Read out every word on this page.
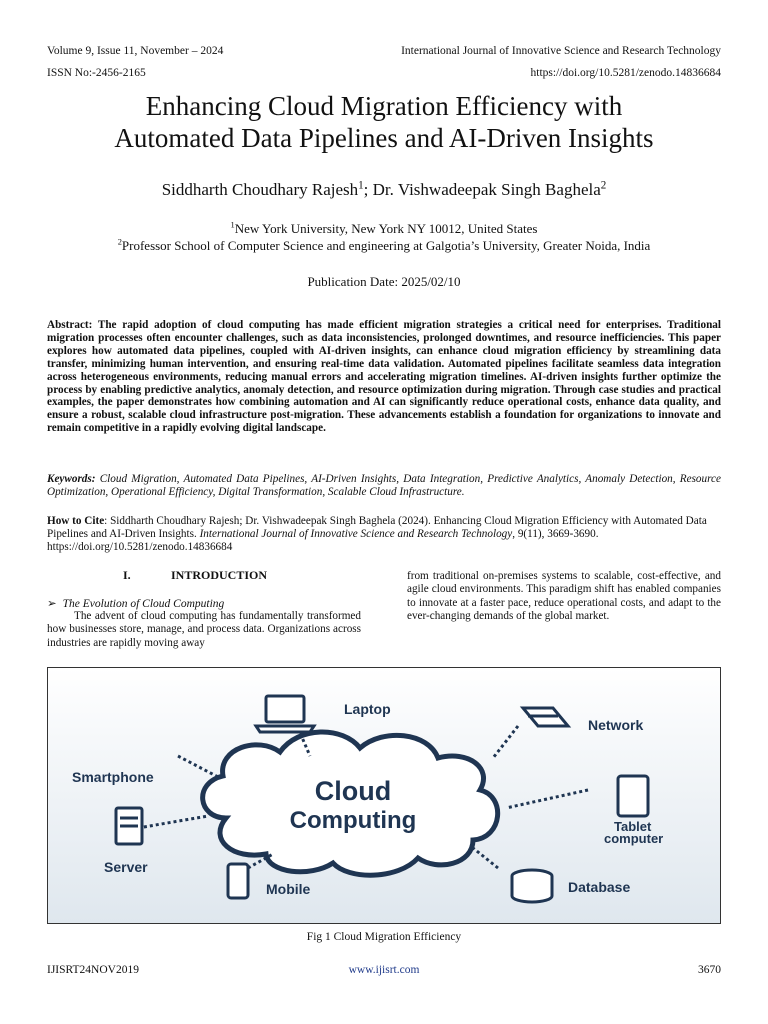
Volume 9, Issue 11, November – 2024	International Journal of Innovative Science and Research Technology
ISSN No:-2456-2165	https://doi.org/10.5281/zenodo.14836684
Enhancing Cloud Migration Efficiency with
Automated Data Pipelines and AI-Driven Insights
Siddharth Choudhary Rajesh$^1$; Dr. Vishwadeepak Singh Baghela$^2$
$^1$New York University, New York NY 10012, United States
$^2$Professor School of Computer Science and engineering at Galgotia’s University, Greater Noida, India
Publication Date: 2025/02/10
Abstract: The rapid adoption of cloud computing has made efficient migration strategies a critical need for enterprises. Traditional migration processes often encounter challenges, such as data inconsistencies, prolonged downtimes, and resource inefficiencies. This paper explores how automated data pipelines, coupled with AI-driven insights, can enhance cloud migration efficiency by streamlining data transfer, minimizing human intervention, and ensuring real-time data validation. Automated pipelines facilitate seamless data integration across heterogeneous environments, reducing manual errors and accelerating migration timelines. AI-driven insights further optimize the process by enabling predictive analytics, anomaly detection, and resource optimization during migration. Through case studies and practical examples, the paper demonstrates how combining automation and AI can significantly reduce operational costs, enhance data quality, and ensure a robust, scalable cloud infrastructure post-migration. These advancements establish a foundation for organizations to innovate and remain competitive in a rapidly evolving digital landscape.
Keywords: Cloud Migration, Automated Data Pipelines, AI-Driven Insights, Data Integration, Predictive Analytics, Anomaly Detection, Resource Optimization, Operational Efficiency, Digital Transformation, Scalable Cloud Infrastructure.
How to Cite: Siddharth Choudhary Rajesh; Dr. Vishwadeepak Singh Baghela (2024). Enhancing Cloud Migration Efficiency with Automated Data Pipelines and AI-Driven Insights. International Journal of Innovative Science and Research Technology, 9(11), 3669-3690. https://doi.org/10.5281/zenodo.14836684
I.	INTRODUCTION
➢ The Evolution of Cloud Computing
The advent of cloud computing has fundamentally transformed how businesses store, manage, and process data. Organizations across industries are rapidly moving away
from traditional on-premises systems to scalable, cost-effective, and agile cloud environments. This paradigm shift has enabled companies to innovate at a faster pace, reduce operational costs, and adapt to the ever-changing demands of the global market.
Cloud
Computing
Laptop
Network
Smartphone
Tablet
computer
Server
Mobile	Database
Fig 1 Cloud Migration Efficiency
IJISRT24NOV2019	www.ijisrt.com	3670
